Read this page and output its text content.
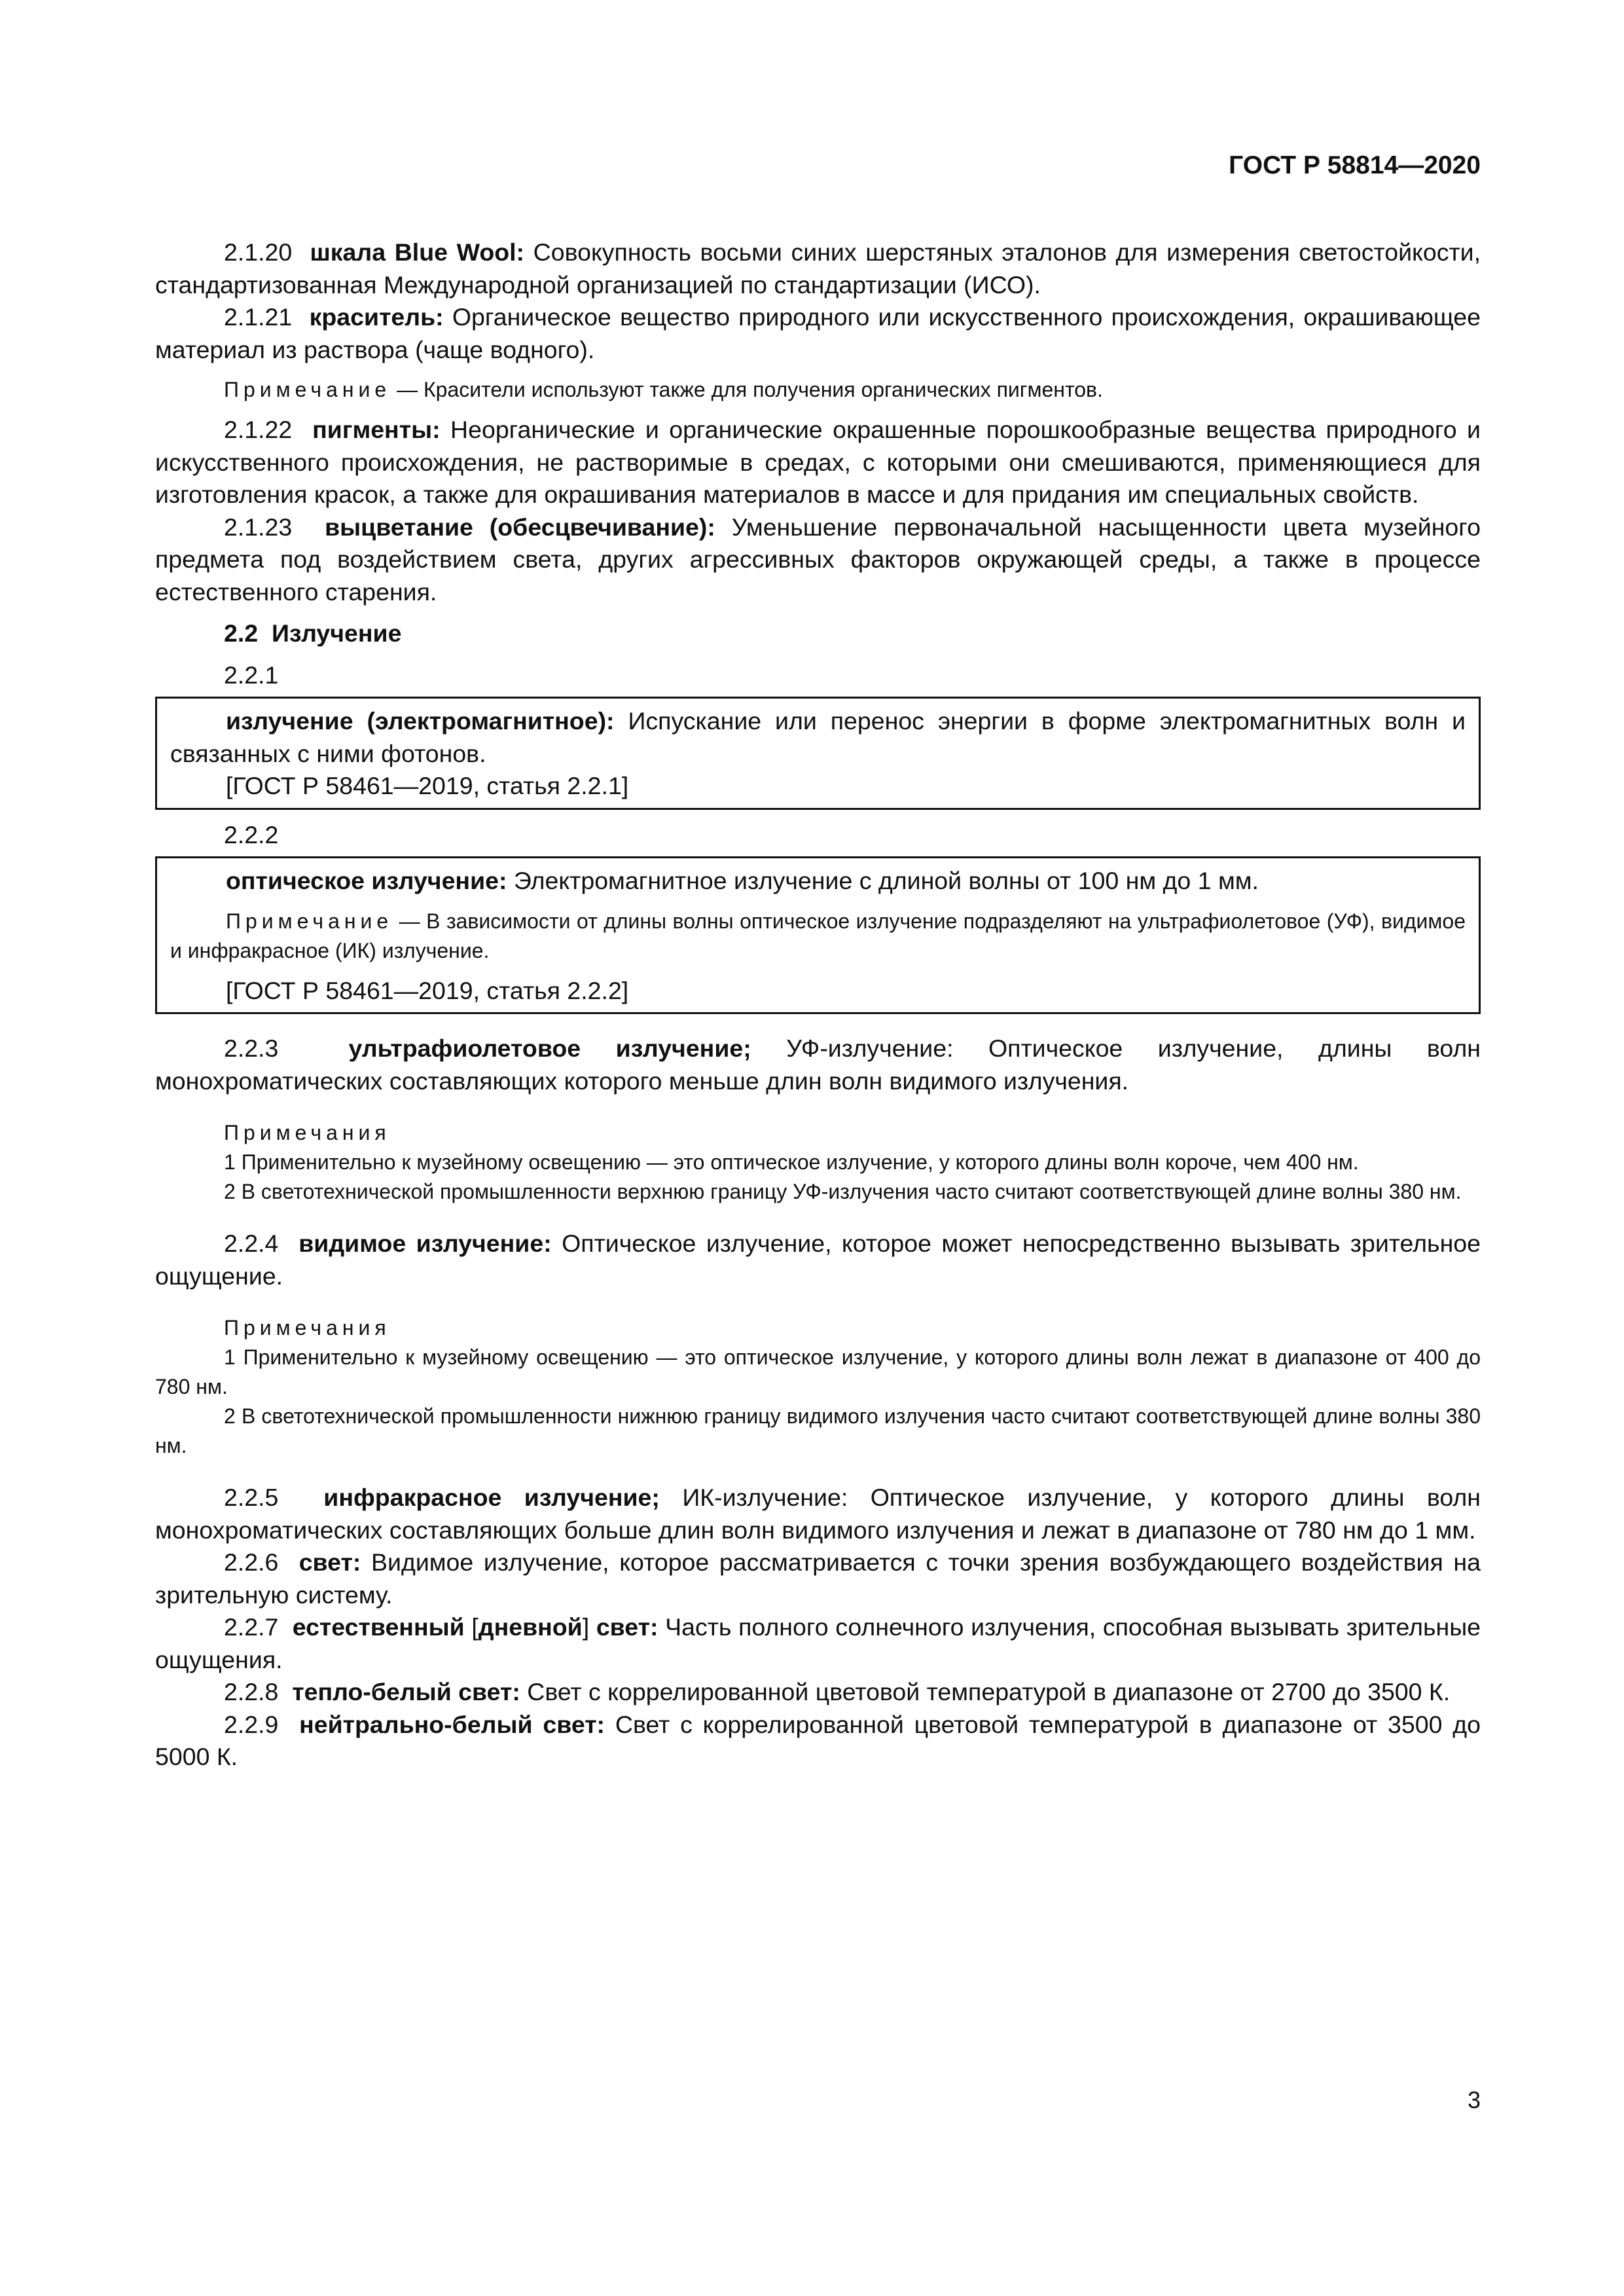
ГОСТ Р 58814—2020

2.1.20 шкала Blue Wool: Совокупность восьми синих шерстяных эталонов для измерения светостойкости, стандартизованная Международной организацией по стандартизации (ИСО).

2.1.21 краситель: Органическое вещество природного или искусственного происхождения, окрашивающее материал из раствора (чаще водного).

Примечание — Красители используют также для получения органических пигментов.

2.1.22 пигменты: Неорганические и органические окрашенные порошкообразные вещества природного и искусственного происхождения, не растворимые в средах, с которыми они смешиваются, применяющиеся для изготовления красок, а также для окрашивания материалов в массе и для придания им специальных свойств.

2.1.23 выцветание (обесцвечивание): Уменьшение первоначальной насыщенности цвета музейного предмета под воздействием света, других агрессивных факторов окружающей среды, а также в процессе естественного старения.

2.2 Излучение

2.2.1

излучение (электромагнитное): Испускание или перенос энергии в форме электромагнитных волн и связанных с ними фотонов.

[ГОСТ Р 58461—2019, статья 2.2.1]

2.2.2

оптическое излучение: Электромагнитное излучение с длиной волны от 100 нм до 1 мм.

Примечание — В зависимости от длины волны оптическое излучение подразделяют на ультрафиолетовое (УФ), видимое и инфракрасное (ИК) излучение.

[ГОСТ Р 58461—2019, статья 2.2.2]

2.2.3	ультрафиолетовое излучение; УФ-излучение: Оптическое излучение, длины волн монохроматических составляющих которого меньше длин волн видимого излучения.

Примечания

1 Применительно к музейному освещению — это оптическое излучение, у которого длины волн короче, чем 400 нм.

2 В светотехнической промышленности верхнюю границу УФ-излучения часто считают соответствующей длине волны 380 нм.

2.2.4 видимое излучение: Оптическое излучение, которое может непосредственно вызывать зрительное ощущение.

Примечания

1 Применительно к музейному освещению — это оптическое излучение, у которого длины волн лежат в диапазоне от 400 до 780 нм.

2 В светотехнической промышленности нижнюю границу видимого излучения часто считают соответствующей длине волны 380 нм.

2.2.5 инфракрасное излучение; ИК-излучение: Оптическое излучение, у которого длины волн монохроматических составляющих больше длин волн видимого излучения и лежат в диапазоне от 780 нм до 1 мм.

2.2.6 свет: Видимое излучение, которое рассматривается с точки зрения возбуждающего воздействия на зрительную систему.

2.2.7 естественный [дневной] свет: Часть полного солнечного излучения, способная вызывать зрительные ощущения.

2.2.8 тепло-белый свет: Свет с коррелированной цветовой температурой в диапазоне от 2700 до 3500 К.

2.2.9 нейтрально-белый свет: Свет с коррелированной цветовой температурой в диапазоне от 3500 до 5000 К.

3
